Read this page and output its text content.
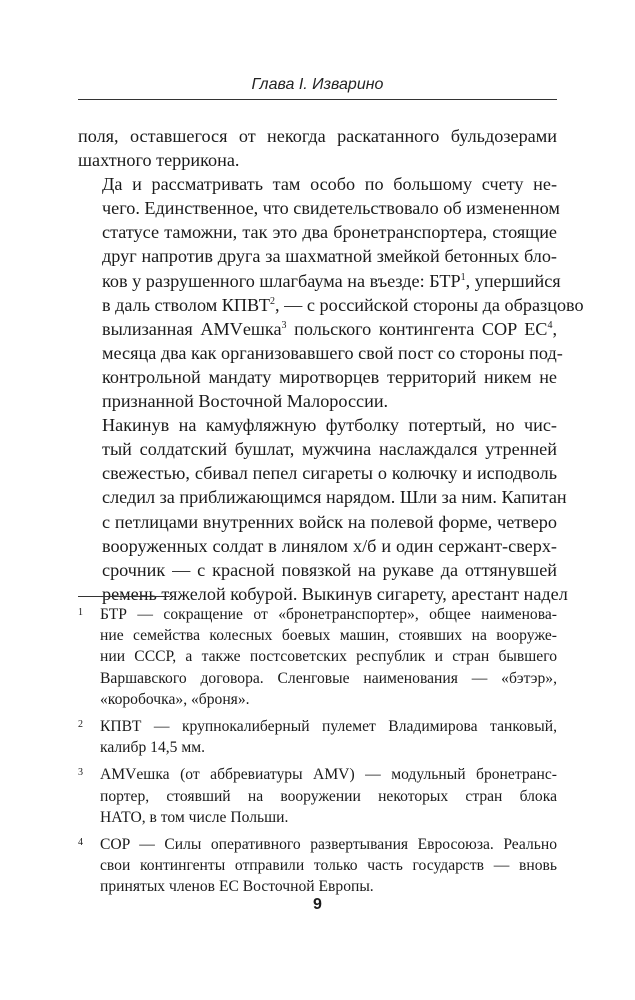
Глава I. Изварино

поля, оставшегося от некогда раскатанного бульдозерами
шахтного терриконa.

Да и рассматривать там особо по большому счету не-
чего. Единственное, что свидетельствовало об измененном
статусе таможни, так это два бронетранспортера, стоящие
друг напротив друга за шахматной змейкой бетонных бло-
ков у разрушенного шлагбаума на въезде: БТР$^1$, упершийся
в даль стволом КПВТ$^2$, — с российской стороны да образцово
вылизанная AMVешка$^3$ польского контингента COP $EC^4$,
месяца два как организовавшего свой пост со стороны под-
контрольной мандату миротворцев территорий никем не
признанной Восточной Малороссии.

Накинув на камуфляжную футболку потертый, но чис-
тый солдатский бушлат, мужчина наслаждался утренней
свежестью, сбивал пепел сигареты о колючку и исподволь
следил за приближающимся нарядом. Шли за ним. Капитан
с петлицами внутренних войск на полевой форме, четверо
вооруженных солдат в линялом х/б и один сержант-сверх-
срочник — с красной повязкой на рукаве да оттянувшей
ремень тяжелой кобурой. Выкинув сигарету, арестант надел

1 БТР — сокращение от «бронетранспортер», общее наименова-
ние семейства колесных боевых машин, стоявших на вооруже-
нии СССР, а также постсоветских республик и стран бывшего
Варшавского договора. Сленговые наименования — «бэтэр»,
«коробочка», «броня».
2 КПВТ — крупнокалиберный пулемет Владимирова танковый,
калибр 14,5 мм.
3 AMVешка (от аббревиатуры AMV) — модульный бронетранс-
портер, стоявший на вооружении некоторых стран блока
НАТО, в том числе Польши.
4 COP — Силы оперативного развертывания Евросоюза. Реально
свои контингенты отправили только часть государств — вновь
принятых членов ЕС Восточной Европы.
9
